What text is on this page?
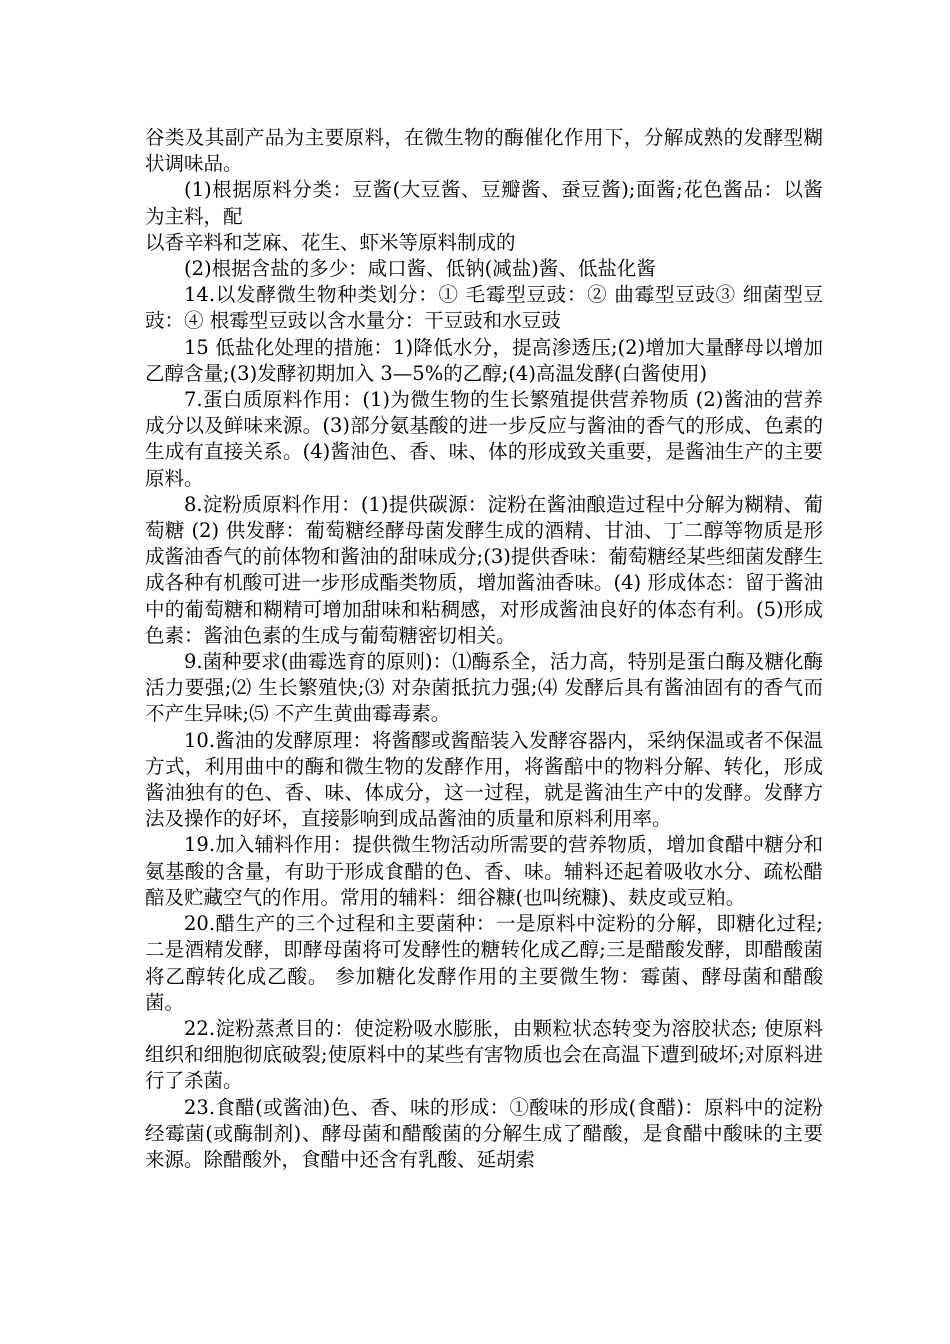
谷类及其副产品为主要原料，在微生物的酶催化作用下，分解成熟的发酵型糊状调味品。

(1)根据原料分类：豆酱(大豆酱、豆瓣酱、蚕豆酱);面酱;花色酱品：以酱为主料，配

以香辛料和芝麻、花生、虾米等原料制成的

(2)根据含盐的多少：咸口酱、低钠(减盐)酱、低盐化酱

14.以发酵微生物种类划分：① 毛霉型豆豉：② 曲霉型豆豉③ 细菌型豆豉：④ 根霉型豆豉以含水量分：干豆豉和水豆豉

15 低盐化处理的措施：1)降低水分，提高渗透压;(2)增加大量酵母以增加乙醇含量;(3)发酵初期加入 3—5%的乙醇;(4)高温发酵(白酱使用)

7.蛋白质原料作用：(1)为微生物的生长繁殖提供营养物质 (2)酱油的营养成分以及鲜味来源。(3)部分氨基酸的进一步反应与酱油的香气的形成、色素的生成有直接关系。(4)酱油色、香、味、体的形成致关重要，是酱油生产的主要原料。

8.淀粉质原料作用：(1)提供碳源：淀粉在酱油酿造过程中分解为糊精、葡萄糖 (2) 供发酵：葡萄糖经酵母菌发酵生成的酒精、甘油、丁二醇等物质是形成酱油香气的前体物和酱油的甜味成分;(3)提供香味：葡萄糖经某些细菌发酵生成各种有机酸可进一步形成酯类物质，增加酱油香味。(4) 形成体态：留于酱油中的葡萄糖和糊精可增加甜味和粘稠感，对形成酱油良好的体态有利。(5)形成色素：酱油色素的生成与葡萄糖密切相关。

9.菌种要求(曲霉选育的原则)：⑴酶系全，活力高，特别是蛋白酶及糖化酶活力要强;⑵ 生长繁殖快;⑶ 对杂菌抵抗力强;⑷ 发酵后具有酱油固有的香气而不产生异味;⑸ 不产生黄曲霉毒素。

10.酱油的发酵原理：将酱醪或酱醅装入发酵容器内，采纳保温或者不保温方式，利用曲中的酶和微生物的发酵作用，将酱醅中的物料分解、转化，形成酱油独有的色、香、味、体成分，这一过程，就是酱油生产中的发酵。发酵方法及操作的好坏，直接影响到成品酱油的质量和原料利用率。

19.加入辅料作用：提供微生物活动所需要的营养物质，增加食醋中糖分和氨基酸的含量，有助于形成食醋的色、香、味。辅料还起着吸收水分、疏松醋醅及贮藏空气的作用。常用的辅料：细谷糠(也叫统糠)、麸皮或豆粕。

20.醋生产的三个过程和主要菌种：一是原料中淀粉的分解，即糖化过程;二是酒精发酵，即酵母菌将可发酵性的糖转化成乙醇;三是醋酸发酵，即醋酸菌将乙醇转化成乙酸。 参加糖化发酵作用的主要微生物：霉菌、酵母菌和醋酸菌。

22.淀粉蒸煮目的：使淀粉吸水膨胀，由颗粒状态转变为溶胶状态; 使原料组织和细胞彻底破裂;使原料中的某些有害物质也会在高温下遭到破坏;对原料进行了杀菌。

23.食醋(或酱油)色、香、味的形成：①酸味的形成(食醋)：原料中的淀粉经霉菌(或酶制剂)、酵母菌和醋酸菌的分解生成了醋酸，是食醋中酸味的主要来源。除醋酸外，食醋中还含有乳酸、延胡索
